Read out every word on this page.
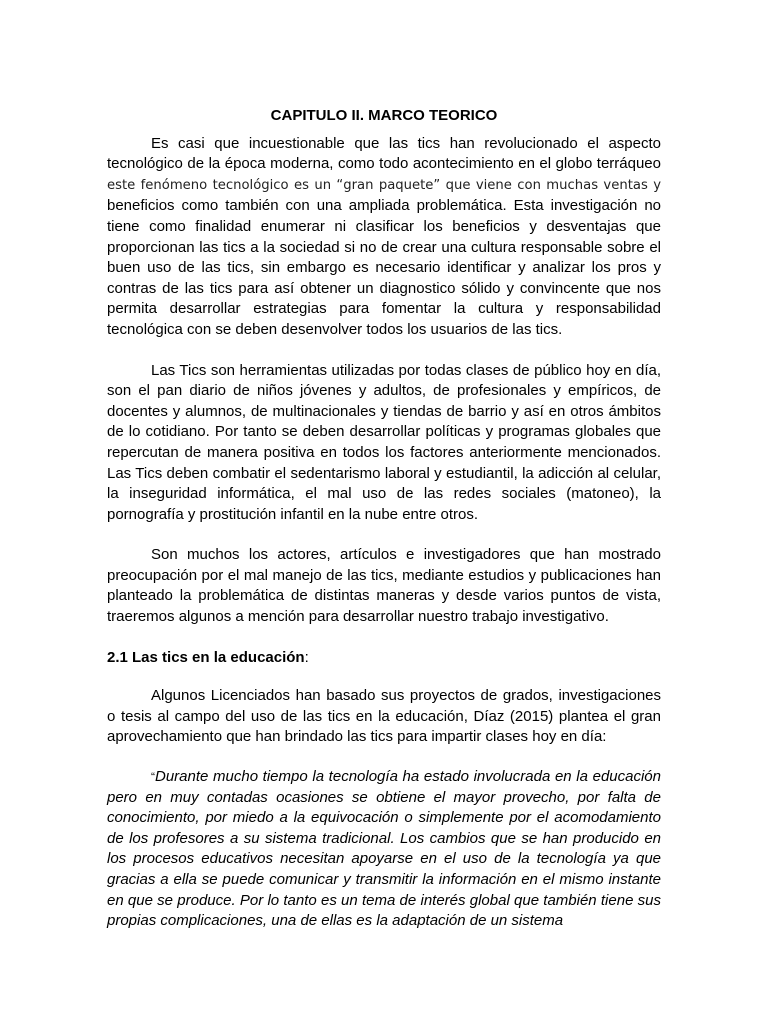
CAPITULO II. MARCO TEORICO

Es casi que incuestionable que las tics han revolucionado el aspecto tecnológico de la época moderna, como todo acontecimiento en el globo terráqueo este fenómeno tecnológico es un “gran paquete” que viene con muchas ventas y beneficios como también con una ampliada problemática. Esta investigación no tiene como finalidad enumerar ni clasificar los beneficios y desventajas que proporcionan las tics a la sociedad si no de crear una cultura responsable sobre el buen uso de las tics, sin embargo es necesario identificar y analizar los pros y contras de las tics para así obtener un diagnostico sólido y convincente que nos permita desarrollar estrategias para fomentar la cultura y responsabilidad tecnológica con se deben desenvolver todos los usuarios de las tics.

Las Tics son herramientas utilizadas por todas clases de público hoy en día, son el pan diario de niños jóvenes y adultos, de profesionales y empíricos, de docentes y alumnos, de multinacionales y tiendas de barrio y así en otros ámbitos de lo cotidiano. Por tanto se deben desarrollar políticas y programas globales que repercutan de manera positiva en todos los factores anteriormente mencionados. Las Tics deben combatir el sedentarismo laboral y estudiantil, la adicción al celular, la inseguridad informática, el mal uso de las redes sociales (matoneo), la pornografía y prostitución infantil en la nube entre otros.

Son muchos los actores, artículos e investigadores que han mostrado preocupación por el mal manejo de las tics, mediante estudios y publicaciones han planteado la problemática de distintas maneras y desde varios puntos de vista, traeremos algunos a mención para desarrollar nuestro trabajo investigativo.

2.1 Las tics en la educación:

Algunos Licenciados han basado sus proyectos de grados, investigaciones o tesis al campo del uso de las tics en la educación, Díaz (2015) plantea el gran aprovechamiento que han brindado las tics para impartir clases hoy en día:

“Durante mucho tiempo la tecnología ha estado involucrada en la educación pero en muy contadas ocasiones se obtiene el mayor provecho, por falta de conocimiento, por miedo a la equivocación o simplemente por el acomodamiento de los profesores a su sistema tradicional. Los cambios que se han producido en los procesos educativos necesitan apoyarse en el uso de la tecnología ya que gracias a ella se puede comunicar y transmitir la información en el mismo instante en que se produce. Por lo tanto es un tema de interés global que también tiene sus propias complicaciones, una de ellas es la adaptación de un sistema
